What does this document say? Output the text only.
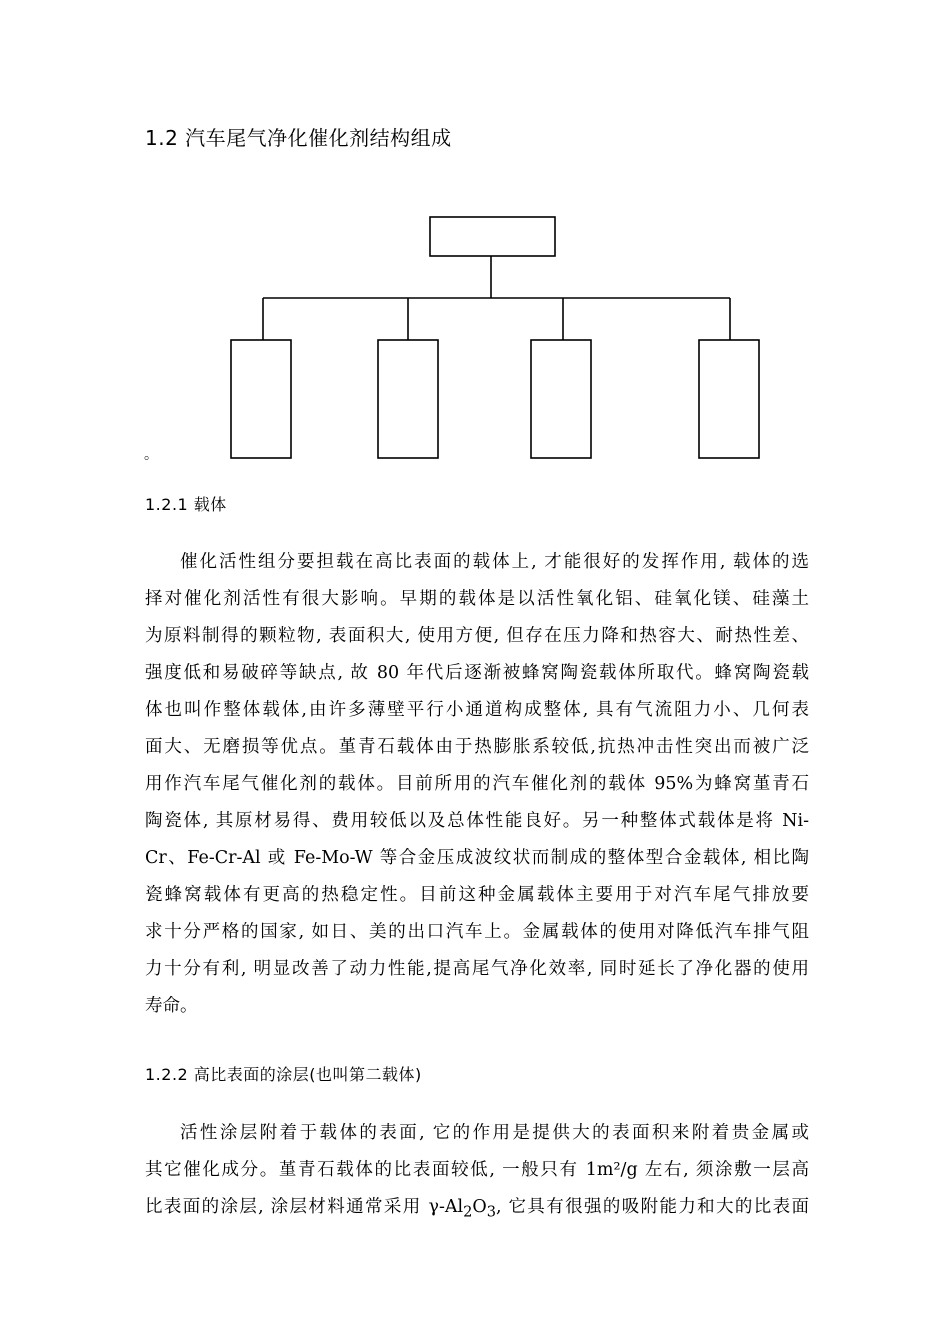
1.2 汽车尾气净化催化剂结构组成
。
1.2.1 载体
催化活性组分要担载在高比表面的载体上, 才能很好的发挥作用, 载体的选
择对催化剂活性有很大影响。早期的载体是以活性氧化铝、硅氧化镁、硅藻土
为原料制得的颗粒物, 表面积大, 使用方便, 但存在压力降和热容大、耐热性差、
强度低和易破碎等缺点, 故 80 年代后逐渐被蜂窝陶瓷载体所取代。蜂窝陶瓷载
体也叫作整体载体,由许多薄壁平行小通道构成整体, 具有气流阻力小、几何表
面大、无磨损等优点。堇青石载体由于热膨胀系较低,抗热冲击性突出而被广泛
用作汽车尾气催化剂的载体。目前所用的汽车催化剂的载体 95%为蜂窝堇青石
陶瓷体, 其原材易得、费用较低以及总体性能良好。另一种整体式载体是将 Ni-
Cr、Fe-Cr-Al 或 Fe-Mo-W 等合金压成波纹状而制成的整体型合金载体, 相比陶
瓷蜂窝载体有更高的热稳定性。目前这种金属载体主要用于对汽车尾气排放要
求十分严格的国家, 如日、美的出口汽车上。金属载体的使用对降低汽车排气阻
力十分有利, 明显改善了动力性能,提高尾气净化效率, 同时延长了净化器的使用
寿命。
1.2.2 高比表面的涂层(也叫第二载体)
活性涂层附着于载体的表面, 它的作用是提供大的表面积来附着贵金属或
其它催化成分。堇青石载体的比表面较低, 一般只有 1m²/g 左右, 须涂敷一层高
比表面的涂层, 涂层材料通常采用 $\gamma-Al_2O_3$, 它具有很强的吸附能力和大的比表面
